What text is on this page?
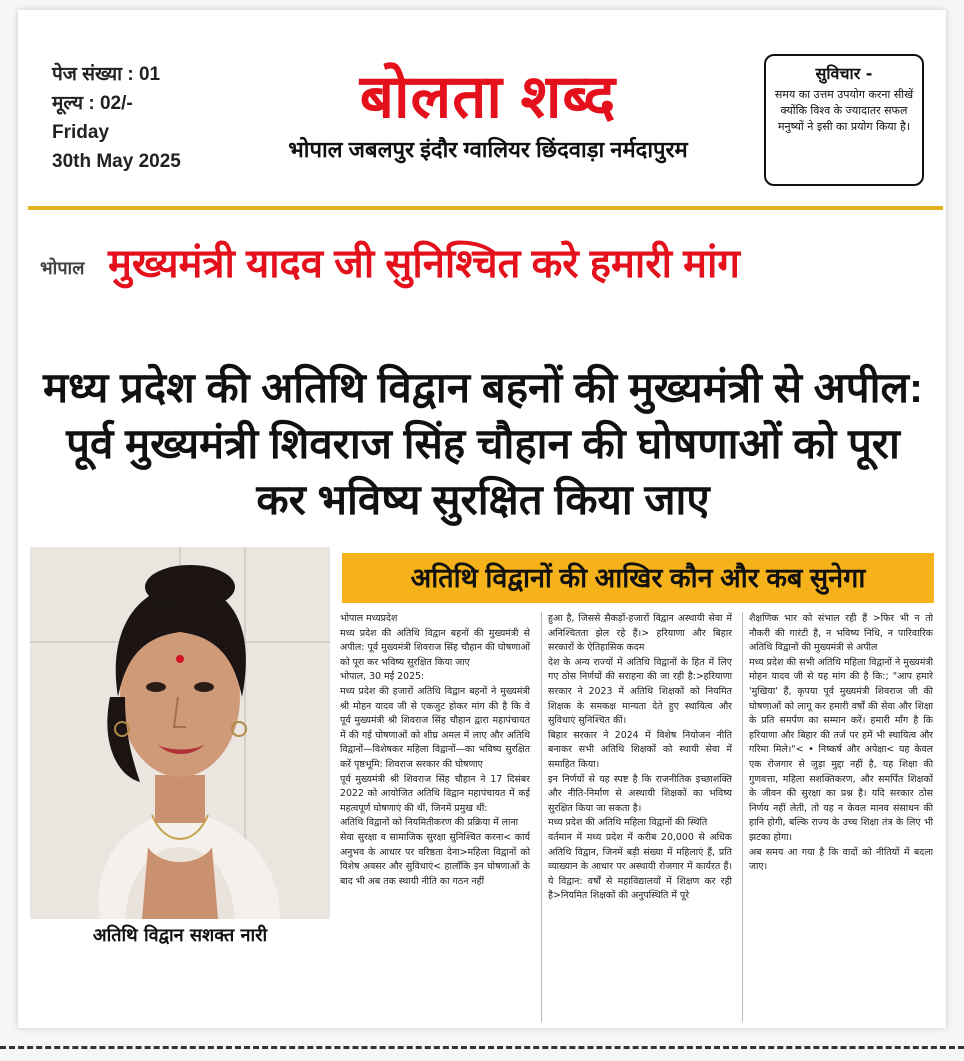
पेज संख्या : 01
मूल्य : 02/-
Friday
30th May 2025
बोलता शब्द
भोपाल जबलपुर इंदौर ग्वालियर छिंदवाड़ा नर्मदापुरम
सुविचार -
समय का उत्तम उपयोग करना सीखें क्योंकि विश्व के ज्यादातर सफल मनुष्यों ने इसी का प्रयोग किया है।
भोपाल मुख्यमंत्री यादव जी सुनिश्चित करे हमारी मांग
मध्य प्रदेश की अतिथि विद्वान बहनों की मुख्यमंत्री से अपील: पूर्व मुख्यमंत्री शिवराज सिंह चौहान की घोषणाओं को पूरा कर भविष्य सुरक्षित किया जाए
अतिथि विद्वान सशक्त नारी
अतिथि विद्वानों की आखिर कौन और कब सुनेगा

भोपाल मध्यप्रदेश

मध्य प्रदेश की अतिथि विद्वान बहनों की मुख्यमंत्री से अपील: पूर्व मुख्यमंत्री शिवराज सिंह चौहान की घोषणाओं को पूरा कर भविष्य सुरक्षित किया जाए

भोपाल, 30 मई 2025:

मध्य प्रदेश की हजारों अतिथि विद्वान बहनों ने मुख्यमंत्री श्री मोहन यादव जी से एकजुट होकर मांग की है कि वे पूर्व मुख्यमंत्री श्री शिवराज सिंह चौहान द्वारा महापंचायत में की गई घोषणाओं को शीघ्र अमल में लाए और अतिथि विद्वानों—विशेषकर महिला विद्वानों—का भविष्य सुरक्षित करें पृष्ठभूमि: शिवराज सरकार की घोषणाए

पूर्व मुख्यमंत्री श्री शिवराज सिंह चौहान ने 17 दिसंबर 2022 को आयोजित अतिथि विद्वान महापंचायत में कई महत्वपूर्ण घोषणाएं की थीं, जिनमें प्रमुख थीं:

अतिथि विद्वानों को नियमितीकरण की प्रक्रिया में लाना

सेवा सुरक्षा व सामाजिक सुरक्षा सुनिश्चित करना< कार्य अनुभव के आधार पर वरिष्ठता देना>महिला विद्वानों को विशेष अवसर और सुविधाएं< हालाँकि इन घोषणाओं के बाद भी अब तक स्थायी नीति का गठन नहीं

हुआ है, जिससे सैकड़ों-हजारों विद्वान अस्थायी सेवा में अनिश्चितता झेल रहे हैं।> हरियाणा और बिहार सरकारों के ऐतिहासिक कदम

देश के अन्य राज्यों में अतिथि विद्वानों के हित में लिए गए ठोस निर्णयों की सराहना की जा रही है:>हरियाणा सरकार ने 2023 में अतिथि शिक्षकों को नियमित शिक्षक के समकक्ष मान्यता देते हुए स्थायित्व और सुविधाएं सुनिश्चित कीं।

बिहार सरकार ने 2024 में विशेष नियोजन नीति बनाकर सभी अतिथि शिक्षकों को स्थायी सेवा में समाहित किया।

इन निर्णयों से यह स्पष्ट है कि राजनीतिक इच्छाशक्ति और नीति-निर्माण से अस्थायी शिक्षकों का भविष्य सुरक्षित किया जा सकता है।

मध्य प्रदेश की अतिथि महिला विद्वानों की स्थिति

वर्तमान में मध्य प्रदेश में करीब 20,000 से अधिक अतिथि विद्वान, जिनमें बड़ी संख्या में महिलाएं हैं, प्रति व्याख्यान के आधार पर अस्थायी रोजगार में कार्यरत हैं। ये विद्वान: वर्षों से महाविद्यालयों में शिक्षण कर रही है>नियमित शिक्षकों की अनुपस्थिति में पूरे

शैक्षणिक भार को संभाल रही हैं >फिर भी न तो नौकरी की गारंटी है, न भविष्य निधि, न पारिवारिक अतिथि विद्वानों की मुख्यमंत्री से अपील

मध्य प्रदेश की सभी अतिथि महिला विद्वानों ने मुख्यमंत्री मोहन यादव जी से यह मांग की है कि:; "आप हमारे 'मुखिया' हैं, कृपया पूर्व मुख्यमंत्री शिवराज जी की घोषणाओं को लागू कर हमारी वर्षों की सेवा और शिक्षा के प्रति समर्पण का सम्मान करें। हमारी माँग है कि हरियाणा और बिहार की तर्ज पर हमें भी स्थायित्व और गरिमा मिले।"< • निष्कर्ष और अपेक्षा< यह केवल एक रोजगार से जुड़ा मुद्दा नहीं है, यह शिक्षा की गुणवत्ता, महिला सशक्तिकरण, और समर्पित शिक्षकों के जीवन की सुरक्षा का प्रश्न है। यदि सरकार ठोस निर्णय नहीं लेती, तो यह न केवल मानव संसाधन की हानि होगी, बल्कि राज्य के उच्च शिक्षा तंत्र के लिए भी झटका होगा।

अब समय आ गया है कि वादों को नीतियों में बदला जाए।
